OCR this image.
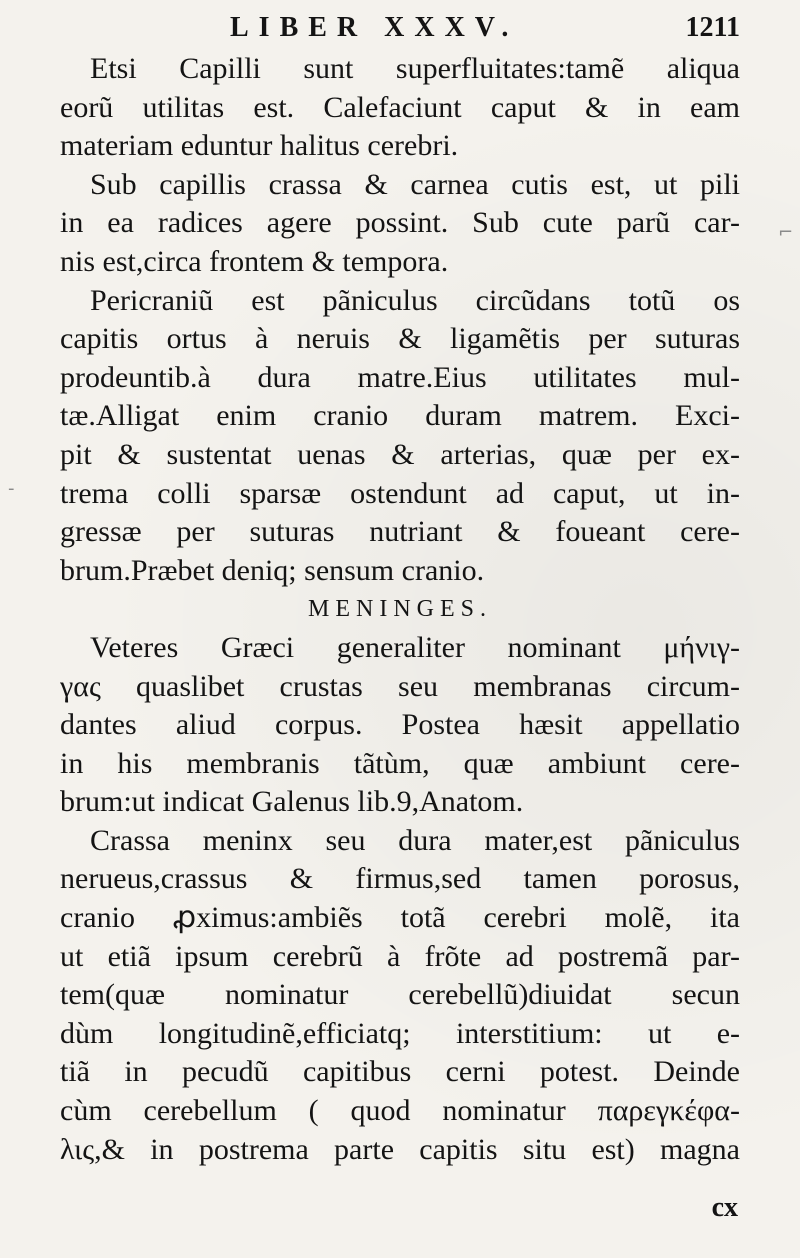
LIBER XXXV.	1211
Etsi Capilli sunt superfluitates:tamẽ aliqua
eorũ utilitas est. Calefaciunt caput & in eam
materiam eduntur halitus cerebri.
Sub capillis crassa & carnea cutis est, ut pili
in ea radices agere possint. Sub cute parũ car-
nis est,circa frontem & tempora.
Pericraniũ est pãniculus circũdans totũ os
capitis ortus à neruis & ligamẽtis per suturas
prodeuntib.à dura matre.Eius utilitates mul-
tæ.Alligat enim cranio duram matrem. Exci-
pit & sustentat uenas & arterias, quæ per ex-
trema colli sparsæ ostendunt ad caput, ut in-
gressæ per suturas nutriant & foueant cere-
brum.Præbet deniq; sensum cranio.
MENINGES.
Veteres Græci generaliter nominant μήνιγ-
γας quaslibet crustas seu membranas circum-
dantes aliud corpus. Postea hæsit appellatio
in his membranis tãtùm, quæ ambiunt cere-
brum:ut indicat Galenus lib.9,Anatom.
Crassa meninx seu dura mater,est pãniculus
nerueus,crassus & firmus,sed tamen porosus,
cranio ꝓximus:ambiẽs totã cerebri molẽ, ita
ut etiã ipsum cerebrũ à frõte ad postremã par-
tem(quæ nominatur cerebellũ)diuidat secun
dùm longitudinẽ,efficiatq; interstitium: ut e-
tiã in pecudũ capitibus cerni potest. Deinde
cùm cerebellum ( quod nominatur παρεγκέφα-
λις,& in postrema parte capitis situ est) magna
cx
-
⌐
